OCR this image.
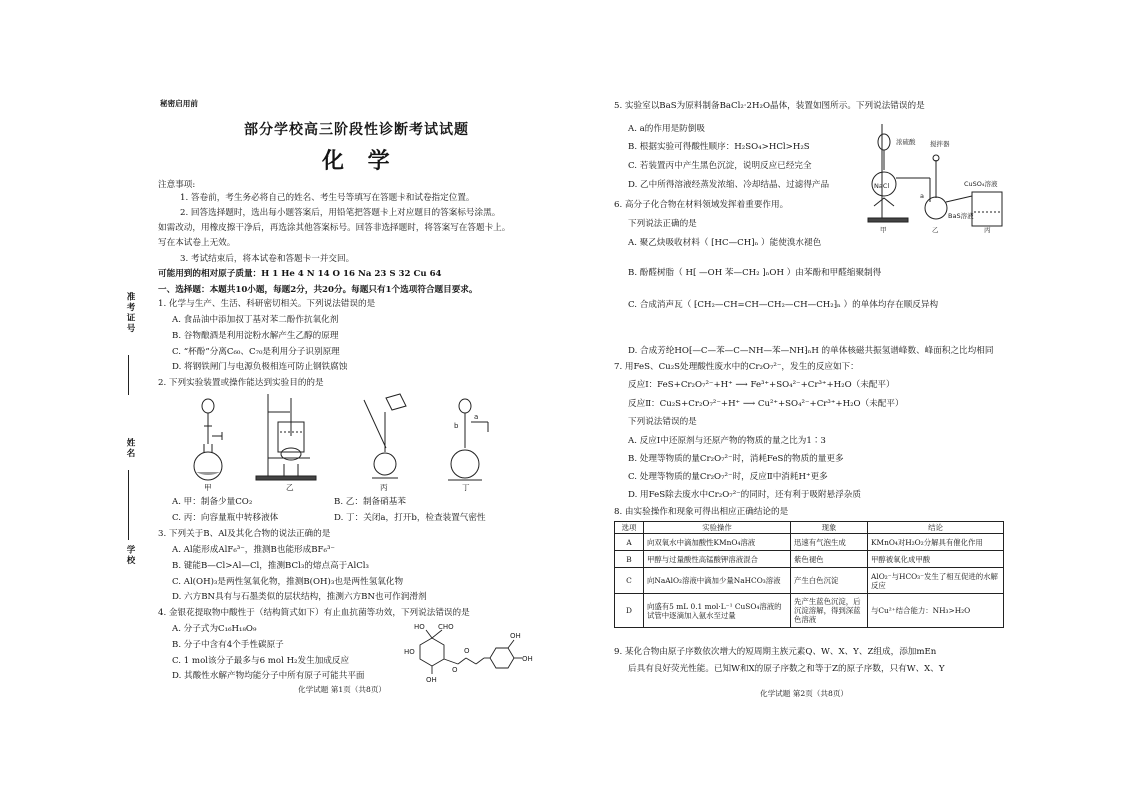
准考证号
姓名
学校
秘密启用前
部分学校高三阶段性诊断考试试题
化 学
注意事项:
1. 答卷前，考生务必将自己的姓名、考生号等填写在答题卡和试卷指定位置。
2. 回答选择题时，选出每小题答案后，用铅笔把答题卡上对应题目的答案标号涂黑。
如需改动，用橡皮擦干净后，再选涂其他答案标号。回答非选择题时，将答案写在答题卡上。
写在本试卷上无效。
3. 考试结束后，将本试卷和答题卡一并交回。
可能用到的相对原子质量：H 1 He 4 N 14 O 16 Na 23 S 32 Cu 64
一、选择题：本题共10小题，每题2分，共20分。每题只有1个选项符合题目要求。
1. 化学与生产、生活、科研密切相关。下列说法错误的是
A. 食品油中添加叔丁基对苯二酚作抗氧化剂
B. 谷物酿酒是利用淀粉水解产生乙醇的原理
C. “杯酚”分离C₆₀、C₇₀是利用分子识别原理
D. 将钢铁闸门与电源负极相连可防止钢铁腐蚀
2. 下列实验装置或操作能达到实验目的的是
b
a
甲	乙	丙	丁
A. 甲：制备少量CO₂	B. 乙：制备硝基苯
C. 丙：向容量瓶中转移液体	D. 丁：关闭a，打开b，检查装置气密性
3. 下列关于B、Al及其化合物的说法正确的是
A. Al能形成AlF₆³⁻，推测B也能形成BF₆³⁻
B. 键能B—Cl>Al—Cl，推测BCl₃的熔点高于AlCl₃
C. Al(OH)₃是两性氢氧化物，推测B(OH)₃也是两性氢氧化物
D. 六方BN具有与石墨类似的层状结构，推测六方BN也可作润滑剂
4. 金银花提取物中酸性于（结构简式如下）有止血抗菌等功效，下列说法错误的是
A. 分子式为C₁₆H₁₈O₉
B. 分子中含有4个手性碳原子
C. 1 mol该分子最多与6 mol H₂发生加成反应
D. 其酸性水解产物均能分子中所有原子可能共平面
HO CHO
OH
OH
HO
OH
O
O
化学试题 第1页（共8页）
5. 实验室以BaS为原料制备BaCl₂·2H₂O晶体，装置如图所示。下列说法错误的是
A. a的作用是防倒吸
B. 根据实验可得酸性顺序：H₂SO₄>HCl>H₂S
C. 若装置丙中产生黑色沉淀，说明反应已经完全
D. 乙中所得溶液经蒸发浓缩、冷却结晶、过滤得产品
浓硫酸 搅拌器
NaCl	CuSO₄溶液
BaS溶液
a
甲	乙	丙
6. 高分子化合物在材料领域发挥着重要作用。
下列说法正确的是
A. 聚乙炔吸收材料（ [HC—CH]ₙ ）能使溴水褪色
B. 酚醛树脂（ H[ —OH 苯—CH₂ ]ₙOH ）由苯酚和甲醛缩聚制得
C. 合成消声瓦（ ⁅CH₂—CH=CH—CH₂—CH—CH₂⁆ₙ ）的单体均存在顺反异构
D. 合成芳纶HO⁅—C—苯—C—NH—苯—NH⁆ₙH 的单体核磁共振氢谱峰数、峰面积之比均相同
7. 用FeS、Cu₂S处理酸性废水中的Cr₂O₇²⁻，发生的反应如下：
反应Ⅰ：FeS+Cr₂O₇²⁻+H⁺ ⟶ Fe³⁺+SO₄²⁻+Cr³⁺+H₂O（未配平）
反应Ⅱ：Cu₂S+Cr₂O₇²⁻+H⁺ ⟶ Cu²⁺+SO₄²⁻+Cr³⁺+H₂O（未配平）
下列说法错误的是
A. 反应Ⅰ中还原剂与还原产物的物质的量之比为1∶3
B. 处理等物质的量Cr₂O₇²⁻时，消耗FeS的物质的量更多
C. 处理等物质的量Cr₂O₇²⁻时，反应Ⅱ中消耗H⁺更多
D. 用FeS除去废水中Cr₂O₇²⁻的同时，还有利于吸附悬浮杂质
8. 由实验操作和现象可得出相应正确结论的是
选项	实验操作	现象	结论
A	向双氧水中滴加酸性KMnO₄溶液	迅速有气泡生成	KMnO₄对H₂O₂分解具有催化作用
B	甲醇与过量酸性高锰酸钾溶液混合	紫色褪色	甲醇被氧化成甲酸
C	向NaAlO₂溶液中滴加少量NaHCO₃溶液	产生白色沉淀	AlO₂⁻与HCO₃⁻发生了相互促进的水解反应
D	向盛有5 mL 0.1 mol·L⁻¹ CuSO₄溶液的试管中逐滴加入氨水至过量	先产生蓝色沉淀，后沉淀溶解，得到深蓝色溶液	与Cu²⁺结合能力：NH₃>H₂O
9. 某化合物由原子序数依次增大的短周期主族元素Q、W、X、Y、Z组成，添加mEn
后具有良好荧光性能。已知W和X的原子序数之和等于Z的原子序数，只有W、X、Y
化学试题 第2页（共8页）
